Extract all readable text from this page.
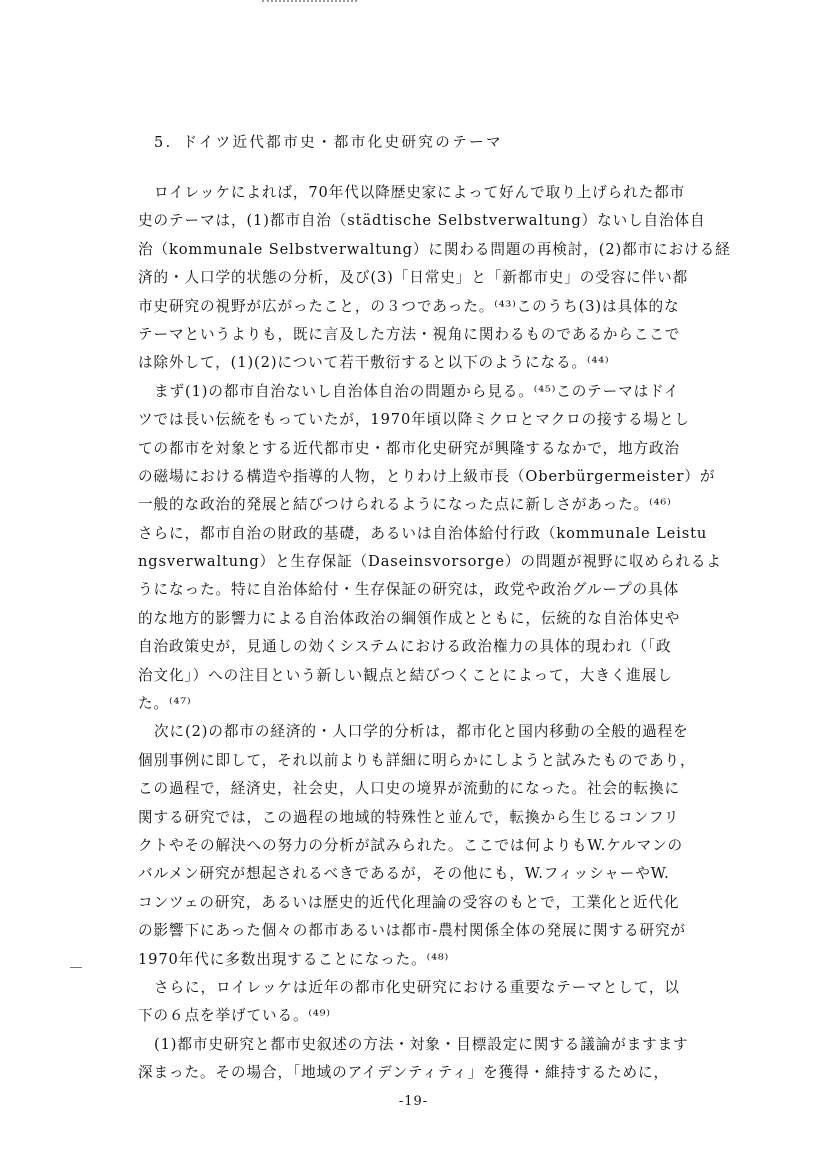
5．ドイツ近代都市史・都市化史研究のテーマ
ロイレッケによれば，70年代以降歴史家によって好んで取り上げられた都市
史のテーマは，(1)都市自治（städtische Selbstverwaltung）ないし自治体自
治（kommunale Selbstverwaltung）に関わる問題の再検討，(2)都市における経
済的・人口学的状態の分析，及び(3)「日常史」と「新都市史」の受容に伴い都
市史研究の視野が広がったこと，の３つであった。⁽⁴³⁾このうち(3)は具体的な
テーマというよりも，既に言及した方法・視角に関わるものであるからここで
は除外して，(1)(2)について若干敷衍すると以下のようになる。⁽⁴⁴⁾
まず(1)の都市自治ないし自治体自治の問題から見る。⁽⁴⁵⁾このテーマはドイ
ツでは長い伝統をもっていたが，1970年頃以降ミクロとマクロの接する場とし
ての都市を対象とする近代都市史・都市化史研究が興隆するなかで，地方政治
の磁場における構造や指導的人物，とりわけ上級市長（Oberbürgermeister）が
一般的な政治的発展と結びつけられるようになった点に新しさがあった。⁽⁴⁶⁾
さらに，都市自治の財政的基礎，あるいは自治体給付行政（kommunale Leistu
ngsverwaltung）と生存保証（Daseinsvorsorge）の問題が視野に収められるよ
うになった。特に自治体給付・生存保証の研究は，政党や政治グループの具体
的な地方的影響力による自治体政治の綱領作成とともに，伝統的な自治体史や
自治政策史が，見通しの効くシステムにおける政治権力の具体的現われ（「政
治文化」）への注目という新しい観点と結びつくことによって，大きく進展し
た。⁽⁴⁷⁾
次に(2)の都市の経済的・人口学的分析は，都市化と国内移動の全般的過程を
個別事例に即して，それ以前よりも詳細に明らかにしようと試みたものであり，
この過程で，経済史，社会史，人口史の境界が流動的になった。社会的転換に
関する研究では，この過程の地域的特殊性と並んで，転換から生じるコンフリ
クトやその解決への努力の分析が試みられた。ここでは何よりもW.ケルマンの
バルメン研究が想起されるべきであるが，その他にも，W.フィッシャーやW.
コンツェの研究，あるいは歴史的近代化理論の受容のもとで，工業化と近代化
の影響下にあった個々の都市あるいは都市-農村関係全体の発展に関する研究が
1970年代に多数出現することになった。⁽⁴⁸⁾
さらに，ロイレッケは近年の都市化史研究における重要なテーマとして，以
下の６点を挙げている。⁽⁴⁹⁾
(1)都市史研究と都市史叙述の方法・対象・目標設定に関する議論がますます
深まった。その場合，「地域のアイデンティティ」を獲得・維持するために，
-19-
